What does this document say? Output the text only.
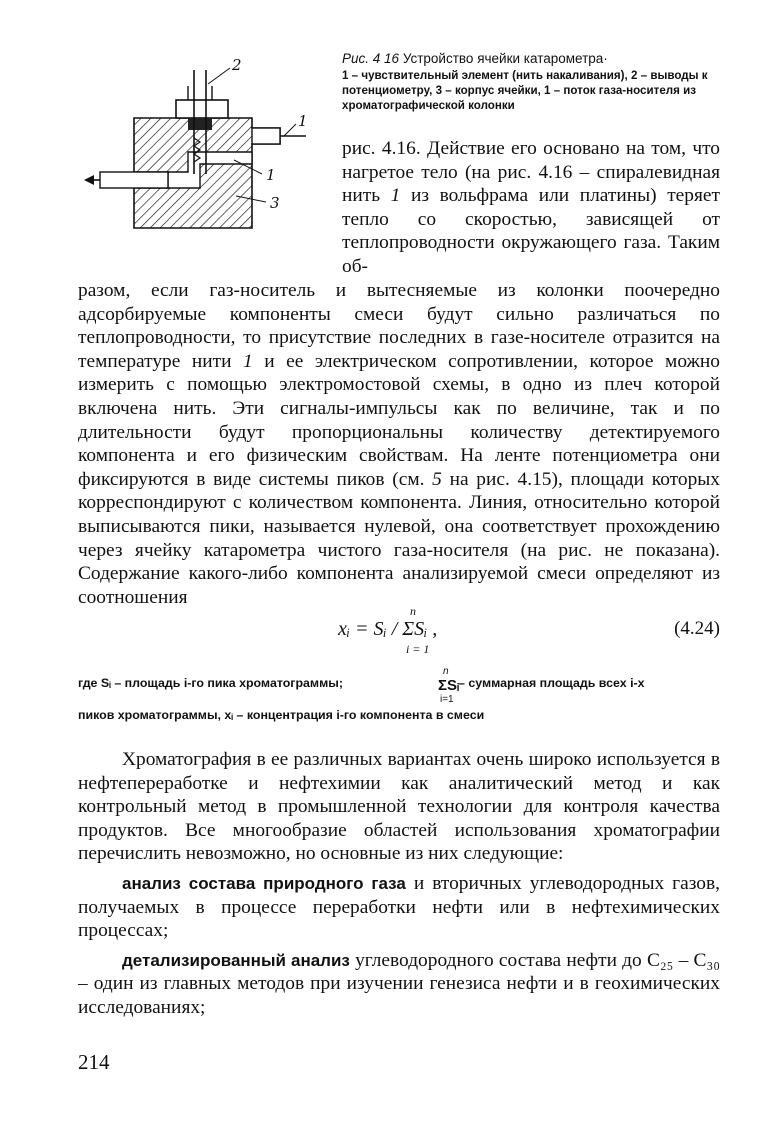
2
1
1
3
Рис. 4 16 Устройство ячейки катарометра·
1 – чувствительный элемент (нить накаливания), 2 – выводы к потенциометру, 3 – корпус ячейки, 1 – поток газа-носителя из хроматографической колонки

рис. 4.16. Действие его основано на том, что нагретое тело (на рис. 4.16 – спиралевидная нить 1 из вольфрама или платины) теряет тепло со скоростью, зависящей от теплопроводности окружающего газа. Таким об-

разом, если газ-носитель и вытесняемые из колонки поочередно адсорбируемые компоненты смеси будут сильно различаться по теплопроводности, то присутствие последних в газе-носителе отразится на температуре нити 1 и ее электрическом сопротивлении, которое можно измерить с помощью электромостовой схемы, в одно из плеч которой включена нить. Эти сигналы-импульсы как по величине, так и по длительности будут пропорциональны количеству детектируемого компонента и его физическим свойствам. На ленте потенциометра они фиксируются в виде системы пиков (см. 5 на рис. 4.15), площади которых корреспондируют с количеством компонента. Линия, относительно которой выписываются пики, называется нулевой, она соответствует прохождению через ячейку катарометра чистого газа-носителя (на рис. не показана). Содержание какого-либо компонента анализируемой смеси определяют из соотношения

n
xᵢ = Sᵢ / ΣSᵢ ,
i = 1
(4.24)
где Sᵢ – площадь i-го пика хроматограммы;
n
ΣSᵢ
i=1
– суммарная площадь всех i-х
пиков хроматограммы, xᵢ – концентрация i-го компонента в смеси

Хроматография в ее различных вариантах очень широко используется в нефтепереработке и нефтехимии как аналитический метод и как контрольный метод в промышленной технологии для контроля качества продуктов. Все многообразие областей использования хроматографии перечислить невозможно, но основные из них следующие:

анализ состава природного газа и вторичных углеводородных газов, получаемых в процессе переработки нефти или в нефтехимических процессах;

детализированный анализ углеводородного состава нефти до C₂₅ – C₃₀ – один из главных методов при изучении генезиса нефти и в геохимических исследованиях;

214
